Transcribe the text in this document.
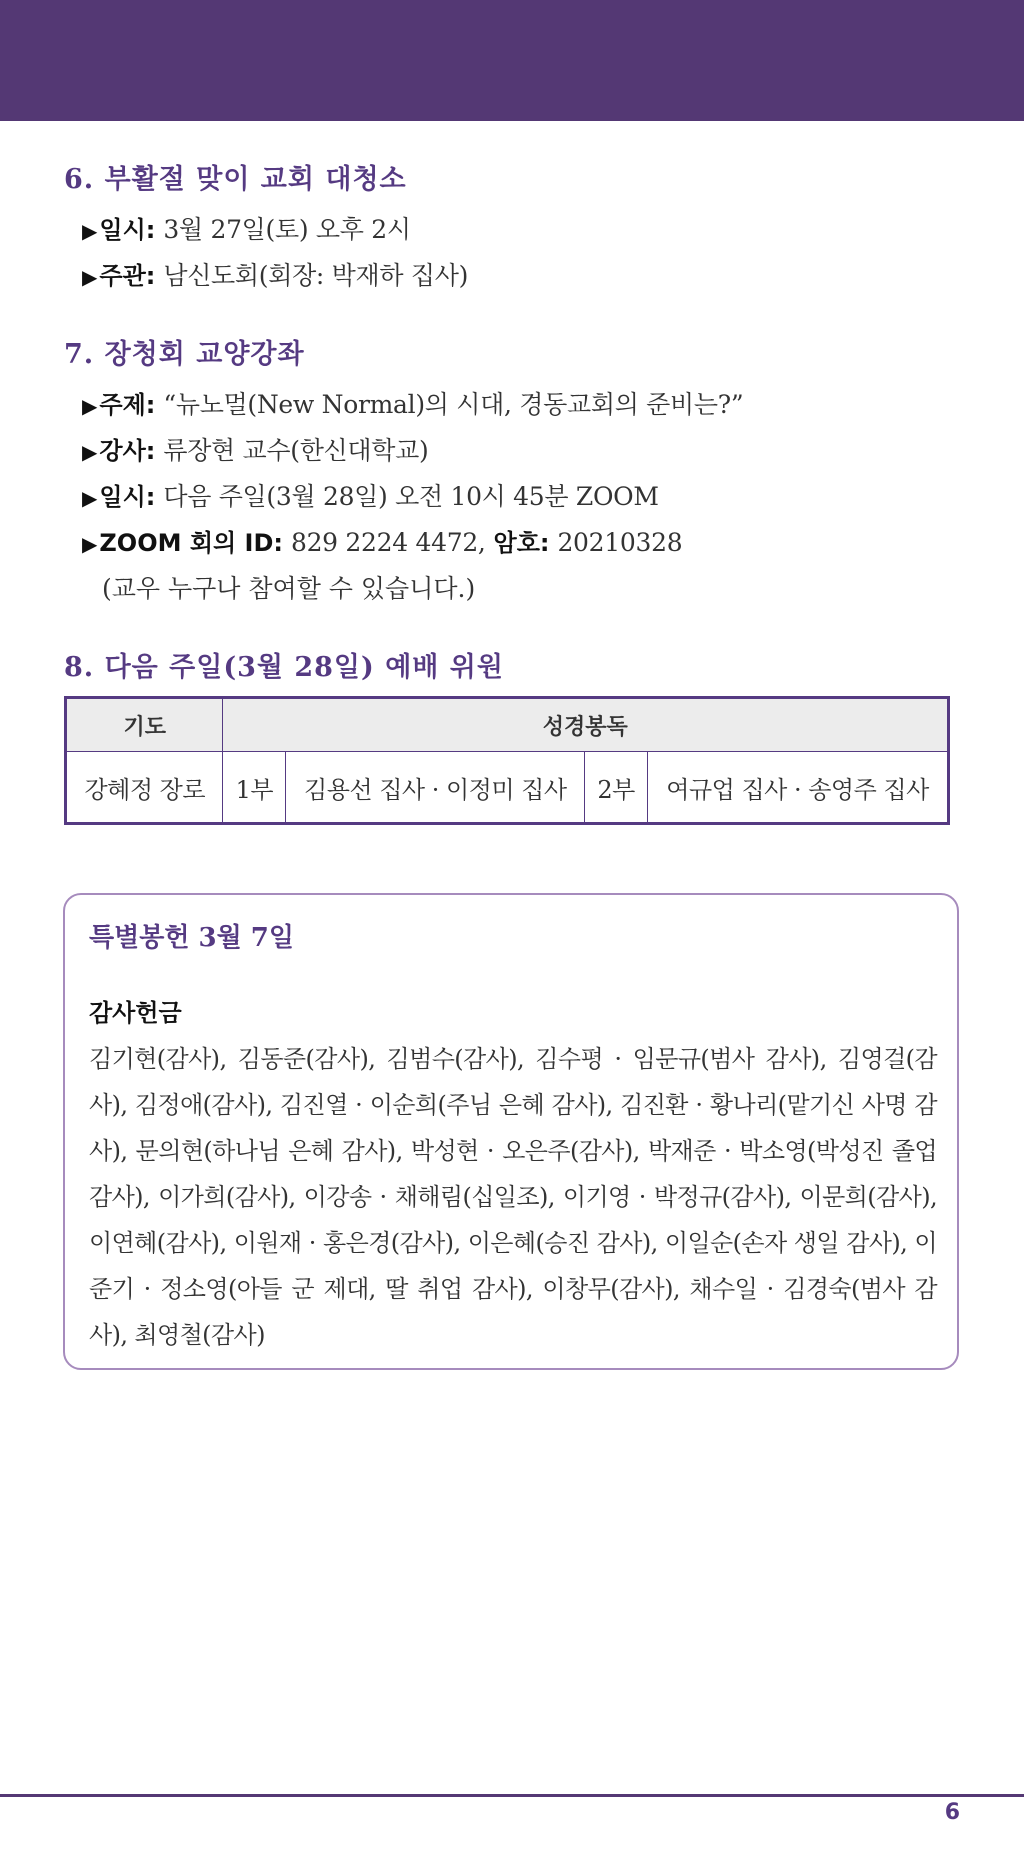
6. 부활절 맞이 교회 대청소
▶일시: 3월 27일(토) 오후 2시
▶주관: 남신도회(회장: 박재하 집사)
7. 장청회 교양강좌
▶주제: “뉴노멀(New Normal)의 시대, 경동교회의 준비는?”
▶강사: 류장현 교수(한신대학교)
▶일시: 다음 주일(3월 28일) 오전 10시 45분 ZOOM
▶ZOOM 회의 ID: 829 2224 4472, 암호: 20210328
(교우 누구나 참여할 수 있습니다.)
8. 다음 주일(3월 28일) 예배 위원
기도	성경봉독			
강혜정 장로	1부	김용선 집사 · 이정미 집사	2부	여규업 집사 · 송영주 집사
특별봉헌 3월 7일
감사헌금
김기현(감사), 김동준(감사), 김범수(감사), 김수평 · 임문규(범사 감사), 김영걸(감사), 김정애(감사), 김진열 · 이순희(주님 은혜 감사), 김진환 · 황나리(맡기신 사명 감사), 문의현(하나님 은혜 감사), 박성현 · 오은주(감사), 박재준 · 박소영(박성진 졸업 감사), 이가희(감사), 이강송 · 채해림(십일조), 이기영 · 박정규(감사), 이문희(감사), 이연혜(감사), 이원재 · 홍은경(감사), 이은혜(승진 감사), 이일순(손자 생일 감사), 이준기 · 정소영(아들 군 제대, 딸 취업 감사), 이창무(감사), 채수일 · 김경숙(범사 감사), 최영철(감사)
6
